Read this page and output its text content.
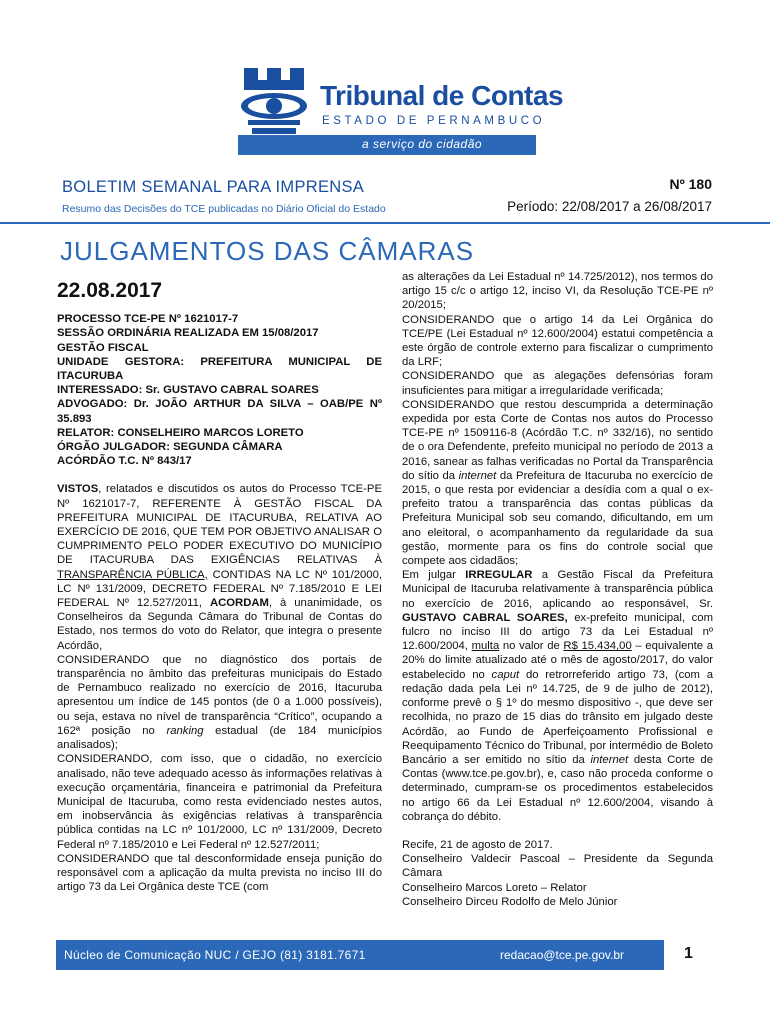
Tribunal de Contas
ESTADO DE PERNAMBUCO
a serviço do cidadão
BOLETIM SEMANAL PARA IMPRENSA
Resumo das Decisões do TCE publicadas no Diário Oficial do Estado
Nº 180
Período: 22/08/2017 a 26/08/2017
JULGAMENTOS DAS CÂMARAS
22.08.2017

PROCESSO TCE-PE Nº 1621017-7

SESSÃO ORDINÁRIA REALIZADA EM 15/08/2017

GESTÃO FISCAL

UNIDADE GESTORA: PREFEITURA MUNICIPAL DE ITACURUBA

INTERESSADO: Sr. GUSTAVO CABRAL SOARES

ADVOGADO: Dr. JOÃO ARTHUR DA SILVA – OAB/PE Nº 35.893

RELATOR: CONSELHEIRO MARCOS LORETO

ÓRGÃO JULGADOR: SEGUNDA CÂMARA

ACÓRDÃO T.C. Nº 843/17

VISTOS, relatados e discutidos os autos do Processo TCE-PE Nº 1621017-7, REFERENTE À GESTÃO FISCAL DA PREFEITURA MUNICIPAL DE ITACURUBA, RELATIVA AO EXERCÍCIO DE 2016, QUE TEM POR OBJETIVO ANALISAR O CUMPRIMENTO PELO PODER EXECUTIVO DO MUNICÍPIO DE ITACURUBA DAS EXIGÊNCIAS RELATIVAS À TRANSPARÊNCIA PÚBLICA, CONTIDAS NA LC Nº 101/2000, LC Nº 131/2009, DECRETO FEDERAL Nº 7.185/2010 E LEI FEDERAL Nº 12.527/2011, ACORDAM, à unanimidade, os Conselheiros da Segunda Câmara do Tribunal de Contas do Estado, nos termos do voto do Relator, que integra o presente Acórdão,

CONSIDERANDO que no diagnóstico dos portais de transparência no âmbito das prefeituras municipais do Estado de Pernambuco realizado no exercício de 2016, Itacuruba apresentou um índice de 145 pontos (de 0 a 1.000 possíveis), ou seja, estava no nível de transparência “Crítico”, ocupando a 162ª posição no ranking estadual (de 184 municípios analisados);

CONSIDERANDO, com isso, que o cidadão, no exercício analisado, não teve adequado acesso às informações relativas à execução orçamentária, financeira e patrimonial da Prefeitura Municipal de Itacuruba, como resta evidenciado nestes autos, em inobservância às exigências relativas à transparência pública contidas na LC nº 101/2000, LC nº 131/2009, Decreto Federal nº 7.185/2010 e Lei Federal nº 12.527/2011;

CONSIDERANDO que tal desconformidade enseja punição do responsável com a aplicação da multa prevista no inciso III do artigo 73 da Lei Orgânica deste TCE (com

as alterações da Lei Estadual nº 14.725/2012), nos termos do artigo 15 c/c o artigo 12, inciso VI, da Resolução TCE-PE nº 20/2015;

CONSIDERANDO que o artigo 14 da Lei Orgânica do TCE/PE (Lei Estadual nº 12.600/2004) estatui competência a este órgão de controle externo para fiscalizar o cumprimento da LRF;

CONSIDERANDO que as alegações defensórias foram insuficientes para mitigar a irregularidade verificada;

CONSIDERANDO que restou descumprida a determinação expedida por esta Corte de Contas nos autos do Processo TCE-PE nº 1509116-8 (Acórdão T.C. nº 332/16), no sentido de o ora Defendente, prefeito municipal no período de 2013 a 2016, sanear as falhas verificadas no Portal da Transparência do sítio da internet da Prefeitura de Itacuruba no exercício de 2015, o que resta por evidenciar a desídia com a qual o ex-prefeito tratou a transparência das contas públicas da Prefeitura Municipal sob seu comando, dificultando, em um ano eleitoral, o acompanhamento da regularidade da sua gestão, mormente para os fins do controle social que compete aos cidadãos;

Em julgar IRREGULAR a Gestão Fiscal da Prefeitura Municipal de Itacuruba relativamente à transparência pública no exercício de 2016, aplicando ao responsável, Sr. GUSTAVO CABRAL SOARES, ex-prefeito municipal, com fulcro no inciso III do artigo 73 da Lei Estadual nº 12.600/2004, multa no valor de R$ 15.434,00 – equivalente a 20% do limite atualizado até o mês de agosto/2017, do valor estabelecido no caput do retrorreferido artigo 73, (com a redação dada pela Lei nº 14.725, de 9 de julho de 2012), conforme prevê o § 1º do mesmo dispositivo -, que deve ser recolhida, no prazo de 15 dias do trânsito em julgado deste Acórdão, ao Fundo de Aperfeiçoamento Profissional e Reequipamento Técnico do Tribunal, por intermédio de Boleto Bancário a ser emitido no sítio da internet desta Corte de Contas (www.tce.pe.gov.br), e, caso não proceda conforme o determinado, cumpram-se os procedimentos estabelecidos no artigo 66 da Lei Estadual nº 12.600/2004, visando à cobrança do débito.

Recife, 21 de agosto de 2017.

Conselheiro Valdecir Pascoal – Presidente da Segunda Câmara

Conselheiro Marcos Loreto – Relator

Conselheiro Dirceu Rodolfo de Melo Júnior

Núcleo de Comunicação NUC / GEJO (81) 3181.7671	redacao@tce.pe.gov.br	1
